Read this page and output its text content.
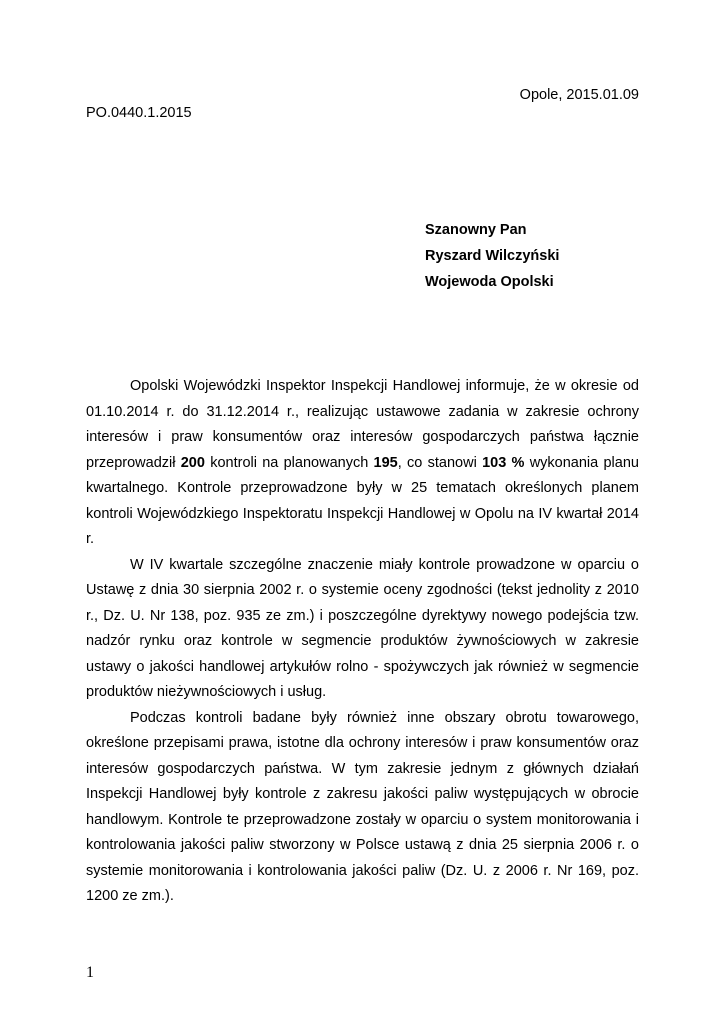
Opole, 2015.01.09
PO.0440.1.2015
Szanowny Pan
Ryszard Wilczyński
Wojewoda Opolski

Opolski Wojewódzki Inspektor Inspekcji Handlowej informuje, że w okresie od 01.10.2014 r. do 31.12.2014 r., realizując ustawowe zadania w zakresie ochrony interesów i praw konsumentów oraz interesów gospodarczych państwa łącznie przeprowadził 200 kontroli na planowanych 195, co stanowi 103 % wykonania planu kwartalnego. Kontrole przeprowadzone były w 25 tematach określonych planem kontroli Wojewódzkiego Inspektoratu Inspekcji Handlowej w Opolu na IV kwartał 2014 r.

W IV kwartale szczególne znaczenie miały kontrole prowadzone w oparciu o Ustawę z dnia 30 sierpnia 2002 r. o systemie oceny zgodności (tekst jednolity z 2010 r., Dz. U. Nr 138, poz. 935 ze zm.) i poszczególne dyrektywy nowego podejścia tzw. nadzór rynku oraz kontrole w segmencie produktów żywnościowych w zakresie ustawy o jakości handlowej artykułów rolno - spożywczych jak również w segmencie produktów nieżywnościowych i usług.

Podczas kontroli badane były również inne obszary obrotu towarowego, określone przepisami prawa, istotne dla ochrony interesów i praw konsumentów oraz interesów gospodarczych państwa. W tym zakresie jednym z głównych działań Inspekcji Handlowej były kontrole z zakresu jakości paliw występujących w obrocie handlowym. Kontrole te przeprowadzone zostały w oparciu o system monitorowania i kontrolowania jakości paliw stworzony w Polsce ustawą z dnia 25 sierpnia 2006 r. o systemie monitorowania i kontrolowania jakości paliw (Dz. U. z 2006 r. Nr 169, poz. 1200 ze zm.).

1
